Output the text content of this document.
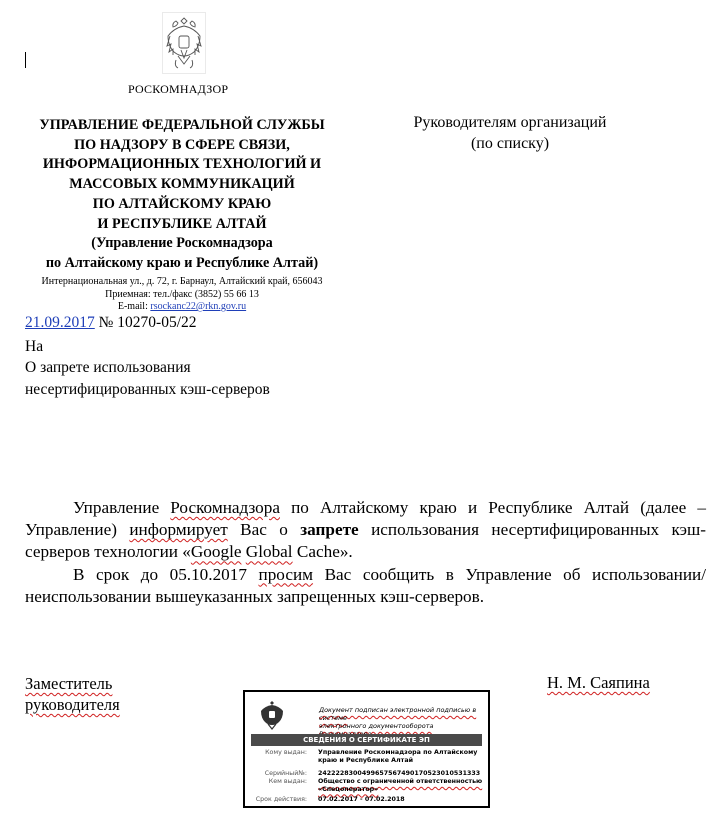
РОСКОМНАДЗОР
УПРАВЛЕНИЕ ФЕДЕРАЛЬНОЙ СЛУЖБЫ
ПО НАДЗОРУ В СФЕРЕ СВЯЗИ,
ИНФОРМАЦИОННЫХ ТЕХНОЛОГИЙ И
МАССОВЫХ КОММУНИКАЦИЙ
ПО АЛТАЙСКОМУ КРАЮ
И РЕСПУБЛИКЕ АЛТАЙ
(Управление Роскомнадзора
по Алтайскому краю и Республике Алтай)
Интернациональная ул., д. 72, г. Барнаул, Алтайский край, 656043
Приемная: тел./факс (3852) 55 66 13
E-mail: rsockanc22@rkn.gov.ru
Руководителям организаций
(по списку)
21.09.2017 № 10270-05/22
На
О запрете использования
несертифицированных кэш-серверов

Управление Роскомнадзора по Алтайскому краю и Республике Алтай (далее – Управление) информирует Вас о запрете использования несертифицированных кэш-серверов технологии «Google Global Cache».

В срок до 05.10.2017 просим Вас сообщить в Управление об использовании/неиспользовании вышеуказанных запрещенных кэш-серверов.

Заместитель
руководителя
Н. М. Саяпина
Документ подписан электронной подписью в системе
электронного документооборота
СВЕДЕНИЯ О СЕРТИФИКАТЕ ЭП
Кому выдан: Управление Роскомнадзора по Алтайскому краю и Республике Алтай
Серийный№: 2422228300499657567490170523010531333
Кем выдан: Общество с ограниченной ответственностью «Спецоператор»
Срок действия: 07.02.2017 - 07.02.2018
